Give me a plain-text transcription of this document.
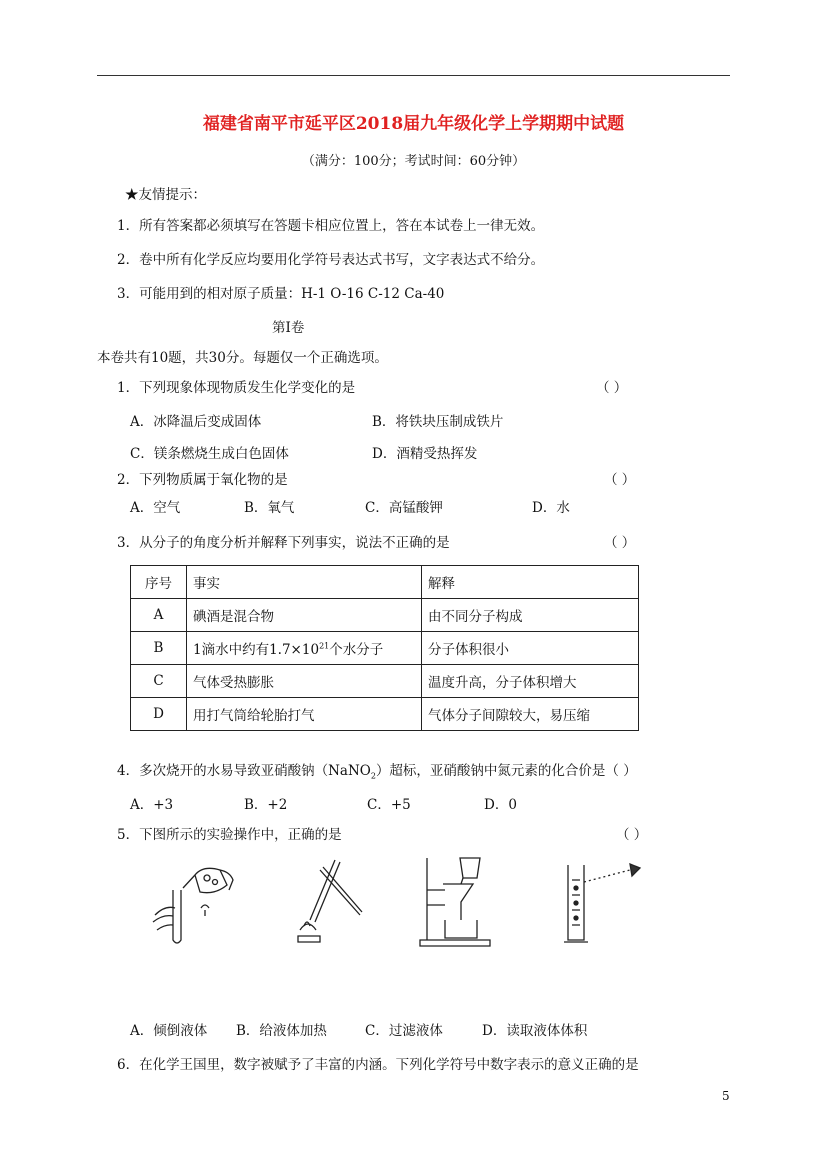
福建省南平市延平区2018届九年级化学上学期期中试题
（满分：100分；考试时间：60分钟）
★友情提示：
1．所有答案都必须填写在答题卡相应位置上，答在本试卷上一律无效。
2．卷中所有化学反应均要用化学符号表达式书写，文字表达式不给分。
3．可能用到的相对原子质量：H-1 O-16 C-12 Ca-40
第Ⅰ卷
本卷共有10题，共30分。每题仅一个正确选项。
1．下列现象体现物质发生化学变化的是	（ ）
A．冰降温后变成固体	B．将铁块压制成铁片
C．镁条燃烧生成白色固体	D．酒精受热挥发
2．下列物质属于氧化物的是	（ ）
A．空气	B．氧气	C．高锰酸钾	D．水
3．从分子的角度分析并解释下列事实，说法不正确的是	（ ）
序号	事实	解释
A	碘酒是混合物	由不同分子构成
B	1滴水中约有$1.7\times 10^{21}$个水分子	分子体积很小
C	气体受热膨胀	温度升高，分子体积增大
D	用打气筒给轮胎打气	气体分子间隙较大，易压缩
4．多次烧开的水易导致亚硝酸钠（NaNO$_2$）超标，亚硝酸钠中氮元素的化合价是（ ）
A．+3	B．+2	C．+5	D．0
5．下图所示的实验操作中，正确的是	（ ）
A．倾倒液体 B．给液体加热	C．过滤液体	D．读取液体体积
6．在化学王国里，数字被赋予了丰富的内涵。下列化学符号中数字表示的意义正确的是
5
